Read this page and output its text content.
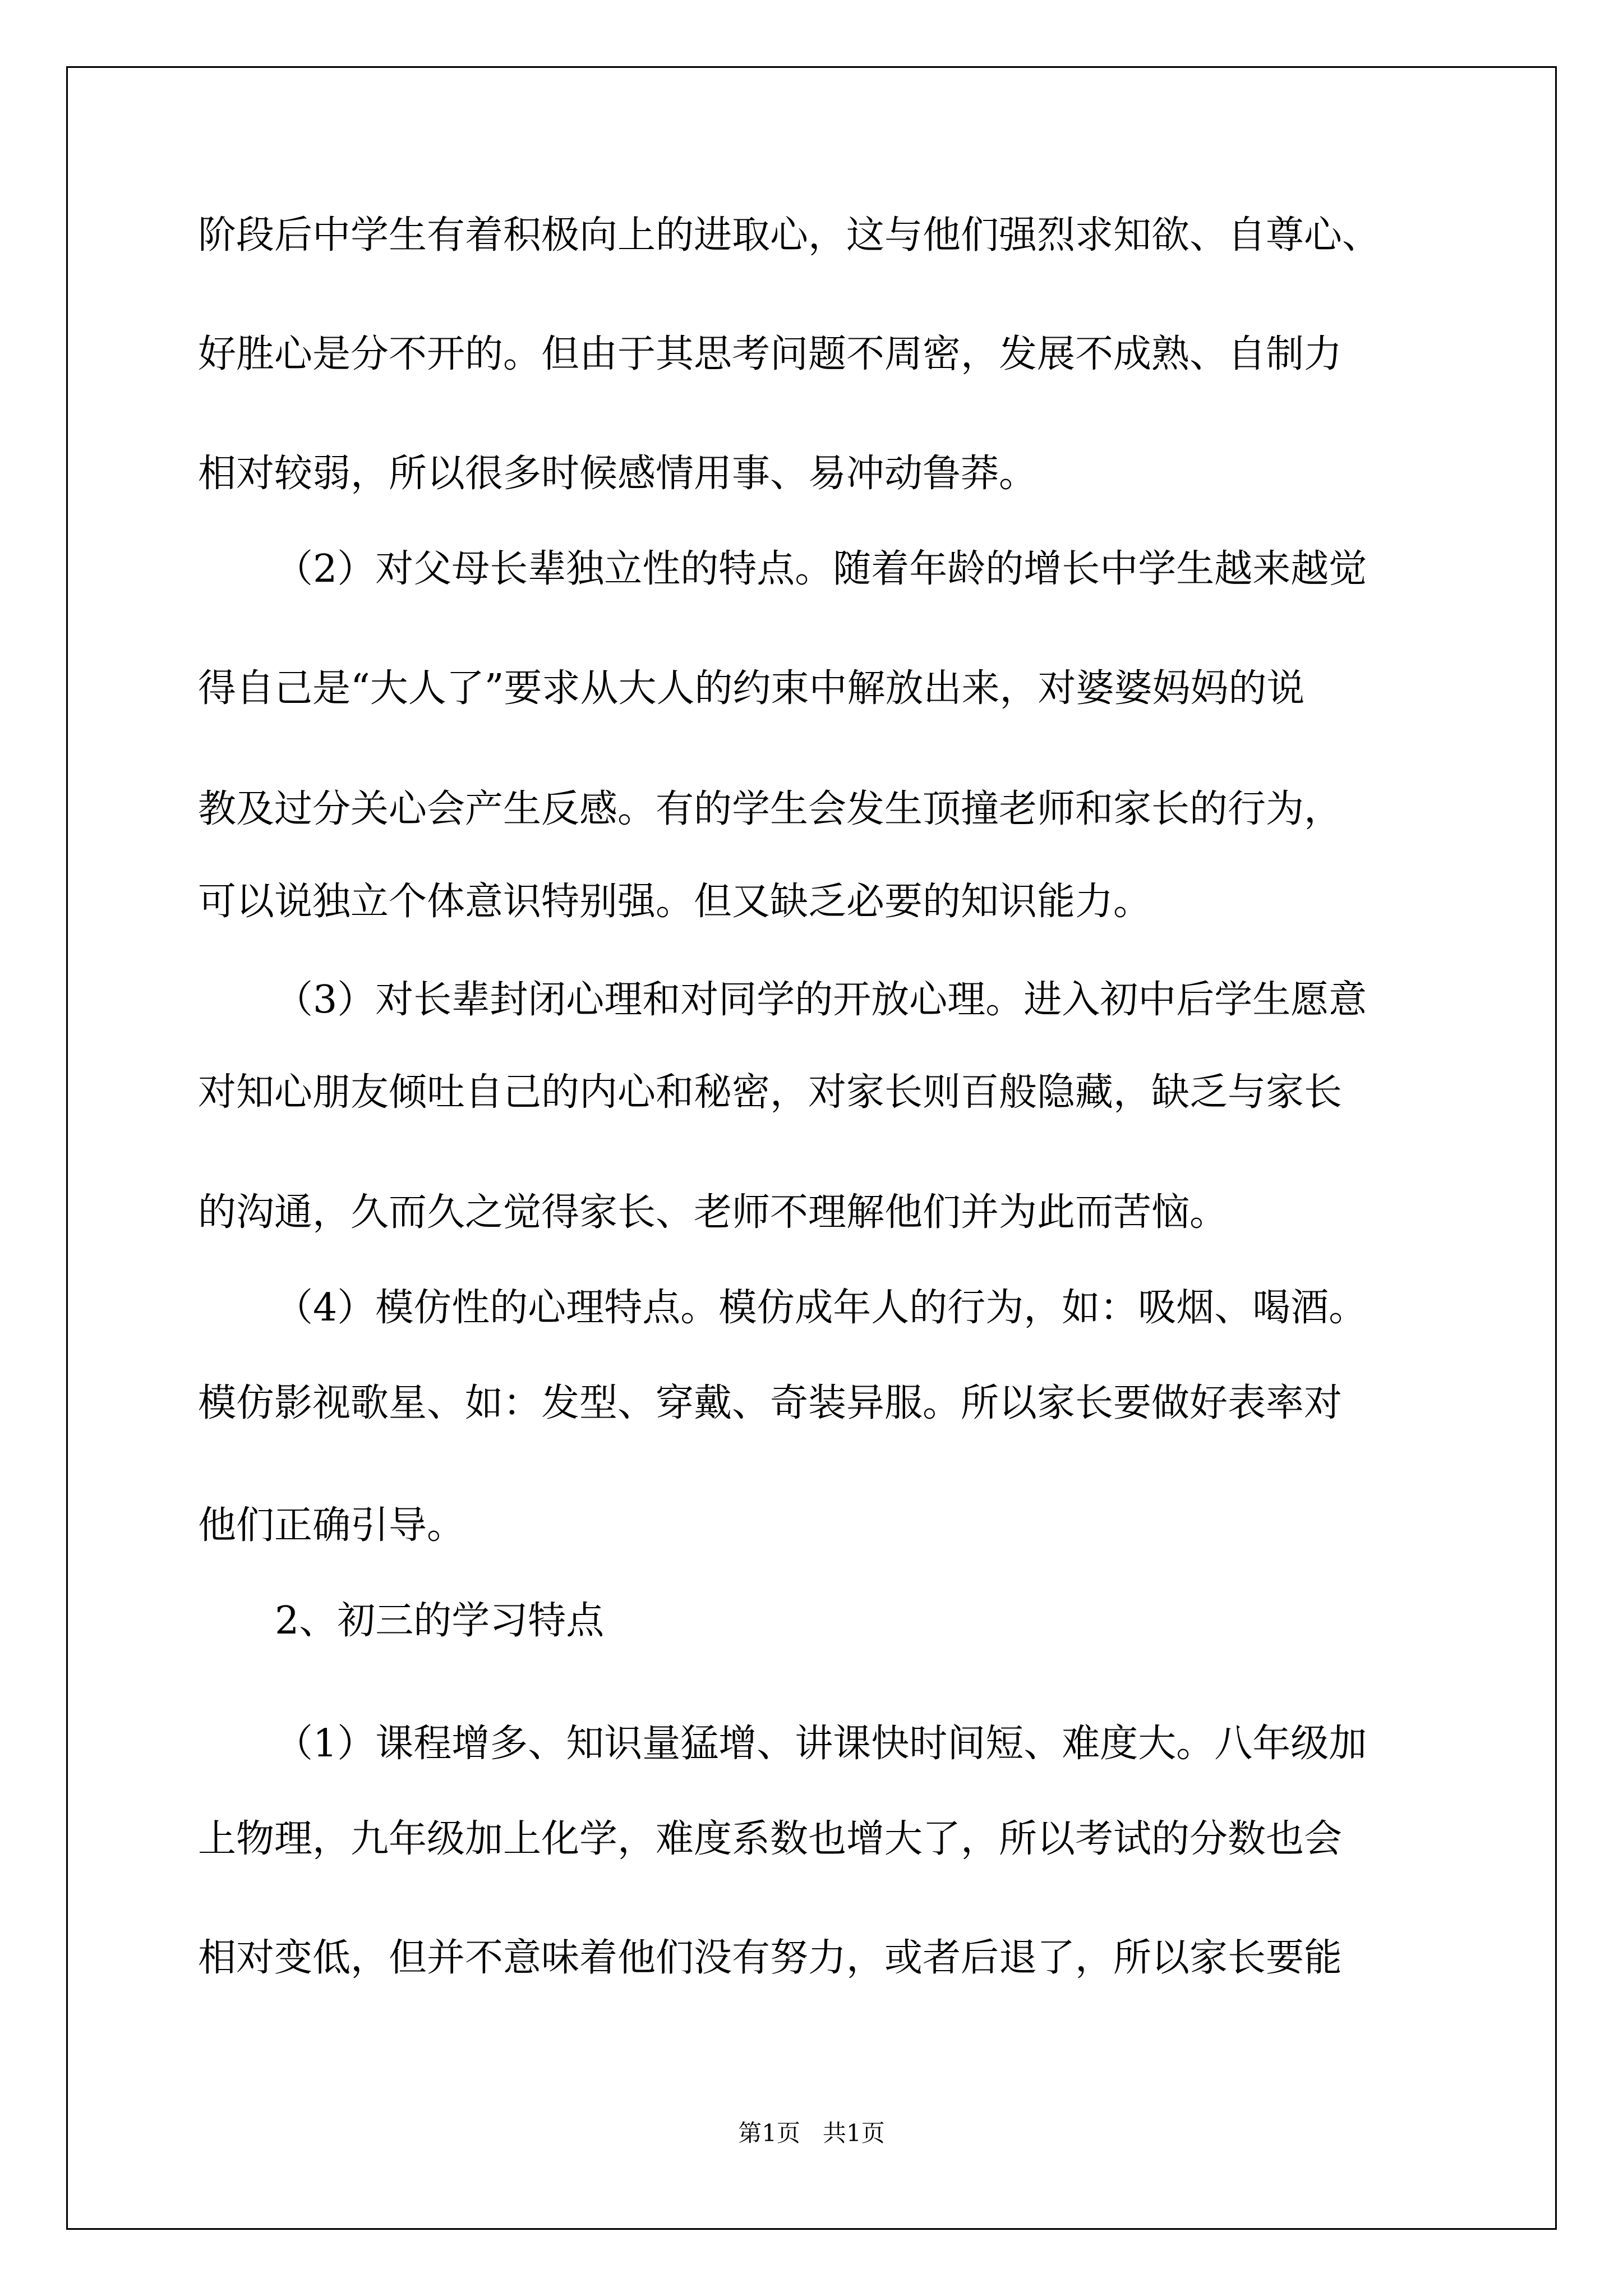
阶段后中学生有着积极向上的进取心，这与他们强烈求知欲、自尊心、

好胜心是分不开的。但由于其思考问题不周密，发展不成熟、自制力

相对较弱，所以很多时候感情用事、易冲动鲁莽。

（2）对父母长辈独立性的特点。随着年龄的增长中学生越来越觉

得自己是“大人了”要求从大人的约束中解放出来，对婆婆妈妈的说

教及过分关心会产生反感。有的学生会发生顶撞老师和家长的行为，

可以说独立个体意识特别强。但又缺乏必要的知识能力。

（3）对长辈封闭心理和对同学的开放心理。进入初中后学生愿意

对知心朋友倾吐自己的内心和秘密，对家长则百般隐藏，缺乏与家长

的沟通，久而久之觉得家长、老师不理解他们并为此而苦恼。

（4）模仿性的心理特点。模仿成年人的行为，如：吸烟、喝酒。

模仿影视歌星、如：发型、穿戴、奇装异服。所以家长要做好表率对

他们正确引导。

2、初三的学习特点

（1）课程增多、知识量猛增、讲课快时间短、难度大。八年级加

上物理，九年级加上化学，难度系数也增大了，所以考试的分数也会

相对变低，但并不意味着他们没有努力，或者后退了，所以家长要能

第1页   共1页
